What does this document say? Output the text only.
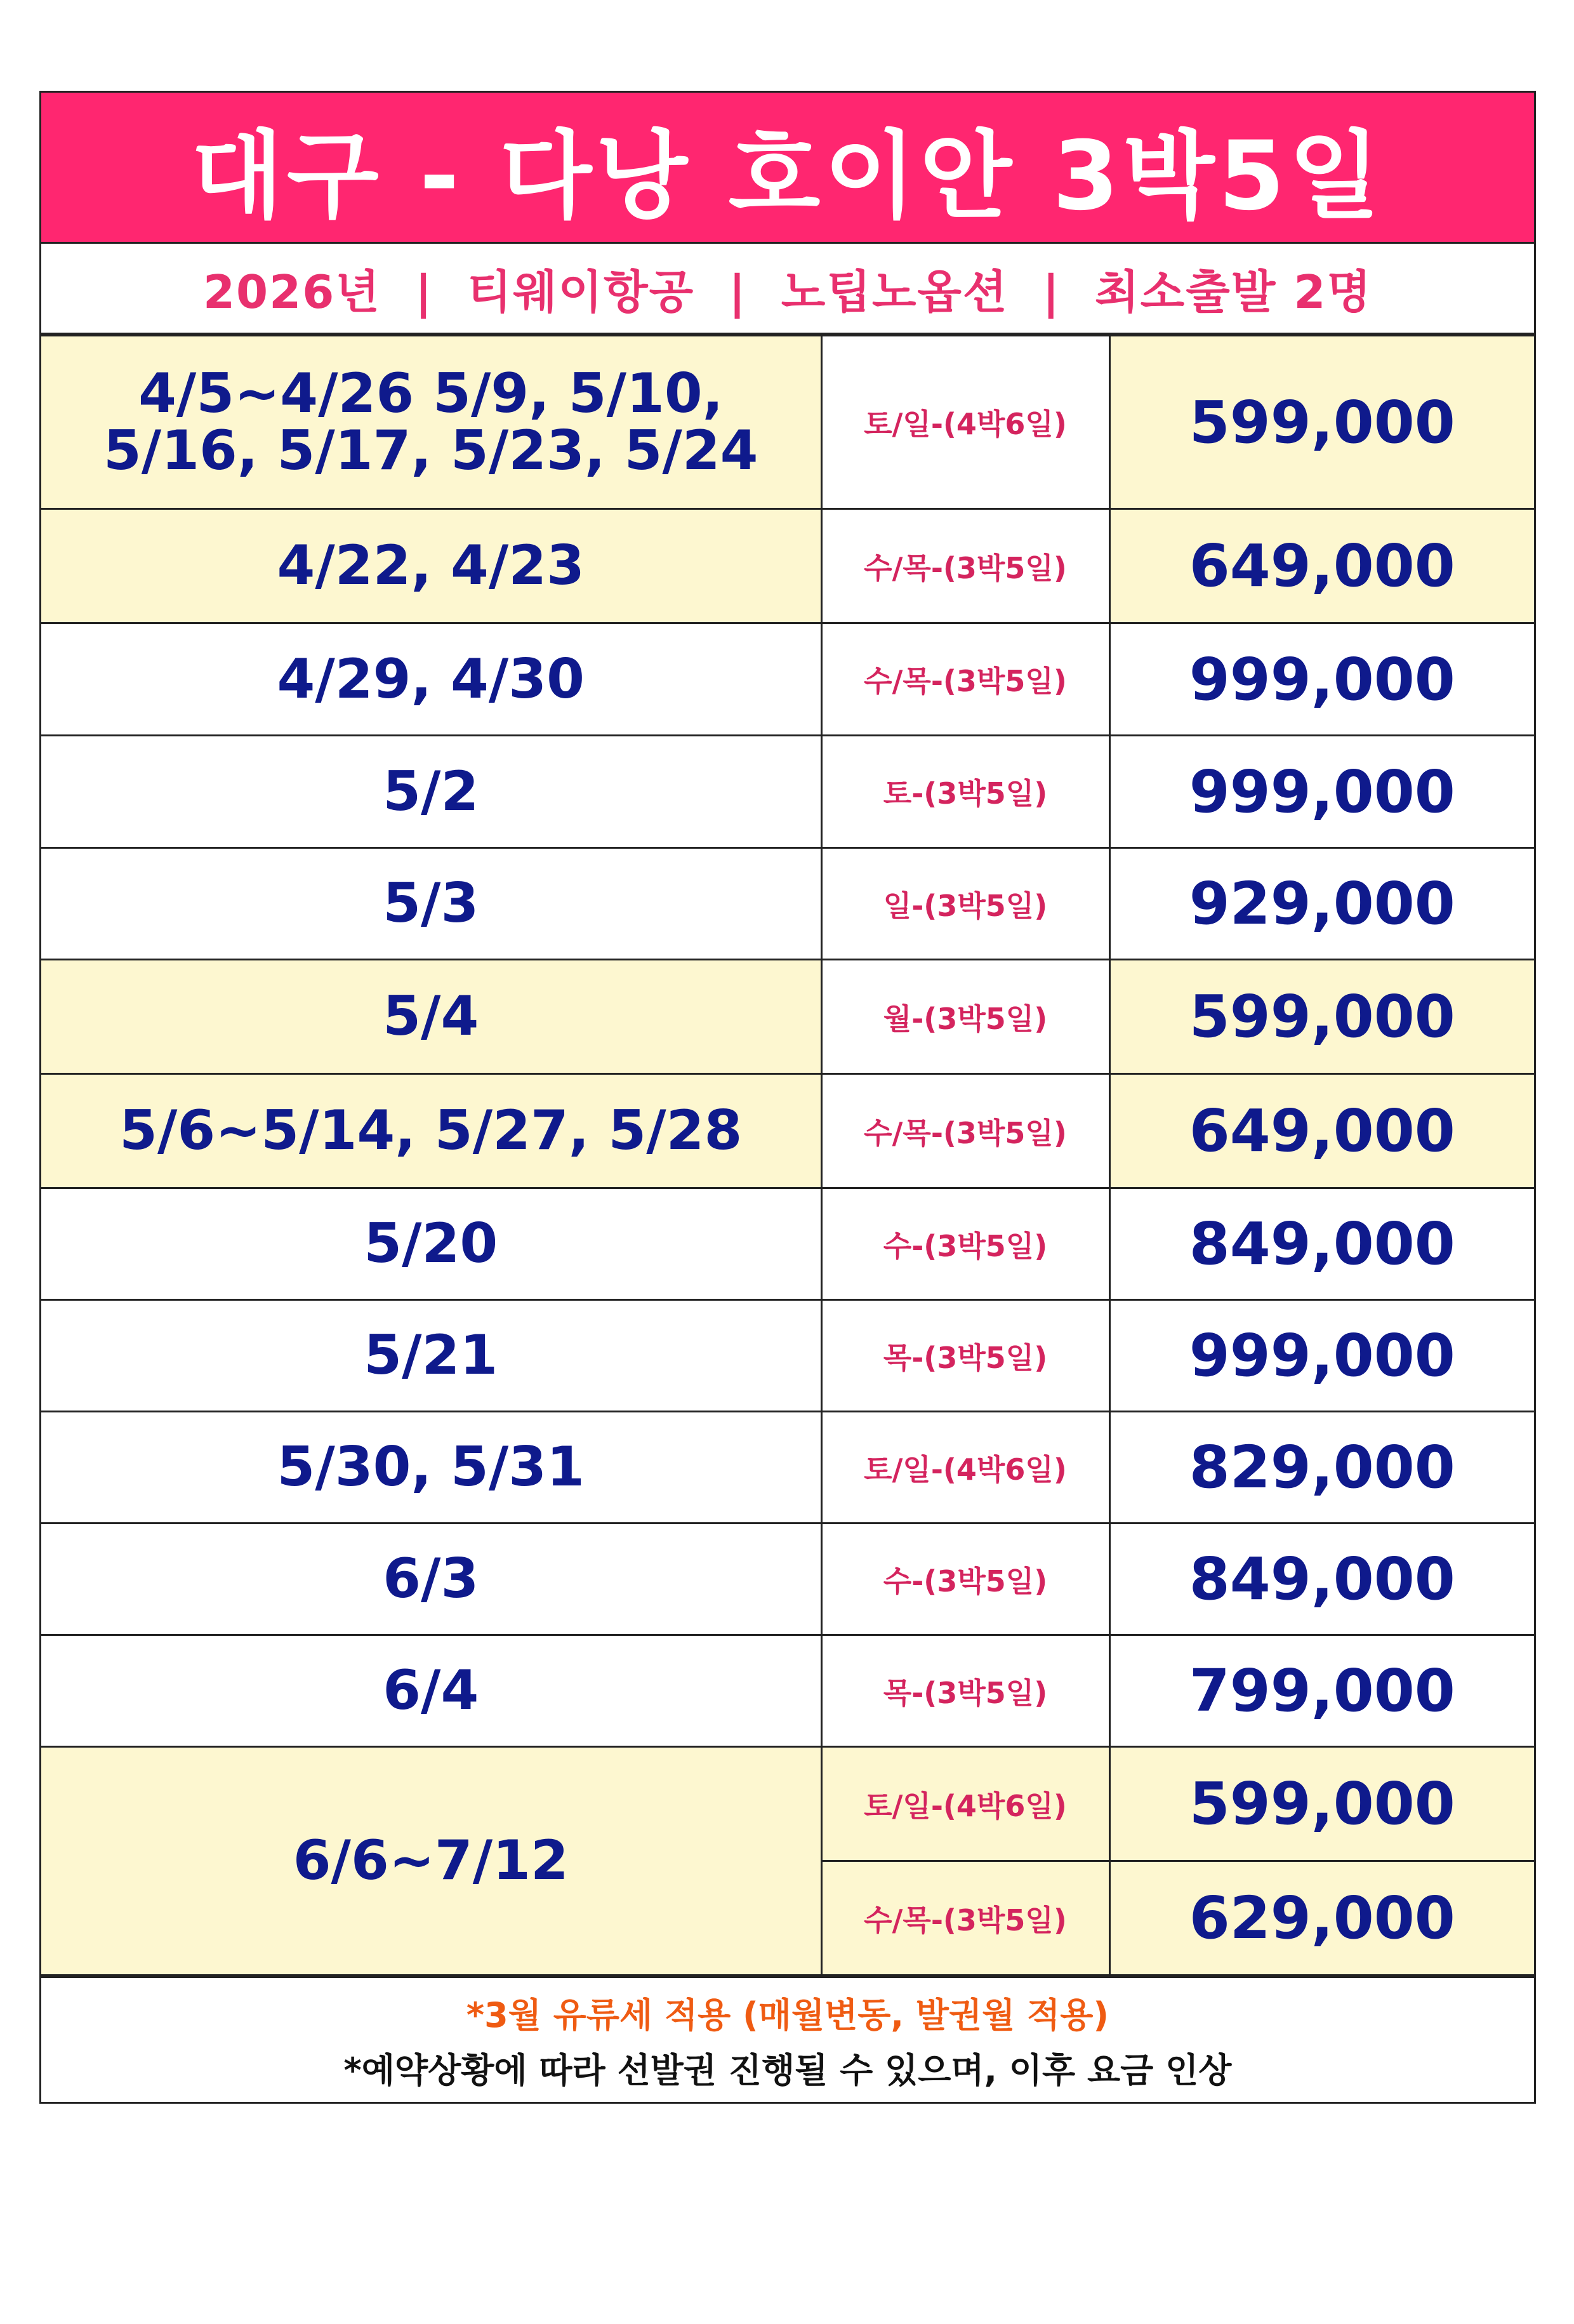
대구 - 다낭 호이안 3박5일
2026년  |  티웨이항공  |  노팁노옵션  |  최소출발 2명
4/5~4/26 5/9, 5/10,
5/16, 5/17, 5/23, 5/24	토/일-(4박6일)	599,000
4/22, 4/23	수/목-(3박5일)	649,000
4/29, 4/30	수/목-(3박5일)	999,000
5/2	토-(3박5일)	999,000
5/3	일-(3박5일)	929,000
5/4	월-(3박5일)	599,000
5/6~5/14, 5/27, 5/28	수/목-(3박5일)	649,000
5/20	수-(3박5일)	849,000
5/21	목-(3박5일)	999,000
5/30, 5/31	토/일-(4박6일)	829,000
6/3	수-(3박5일)	849,000
6/4	목-(3박5일)	799,000
6/6~7/12	토/일-(4박6일)	599,000
	수/목-(3박5일)	629,000
*3월 유류세 적용 (매월변동, 발권월 적용)
*예약상황에 따라 선발권 진행될 수 있으며, 이후 요금 인상
